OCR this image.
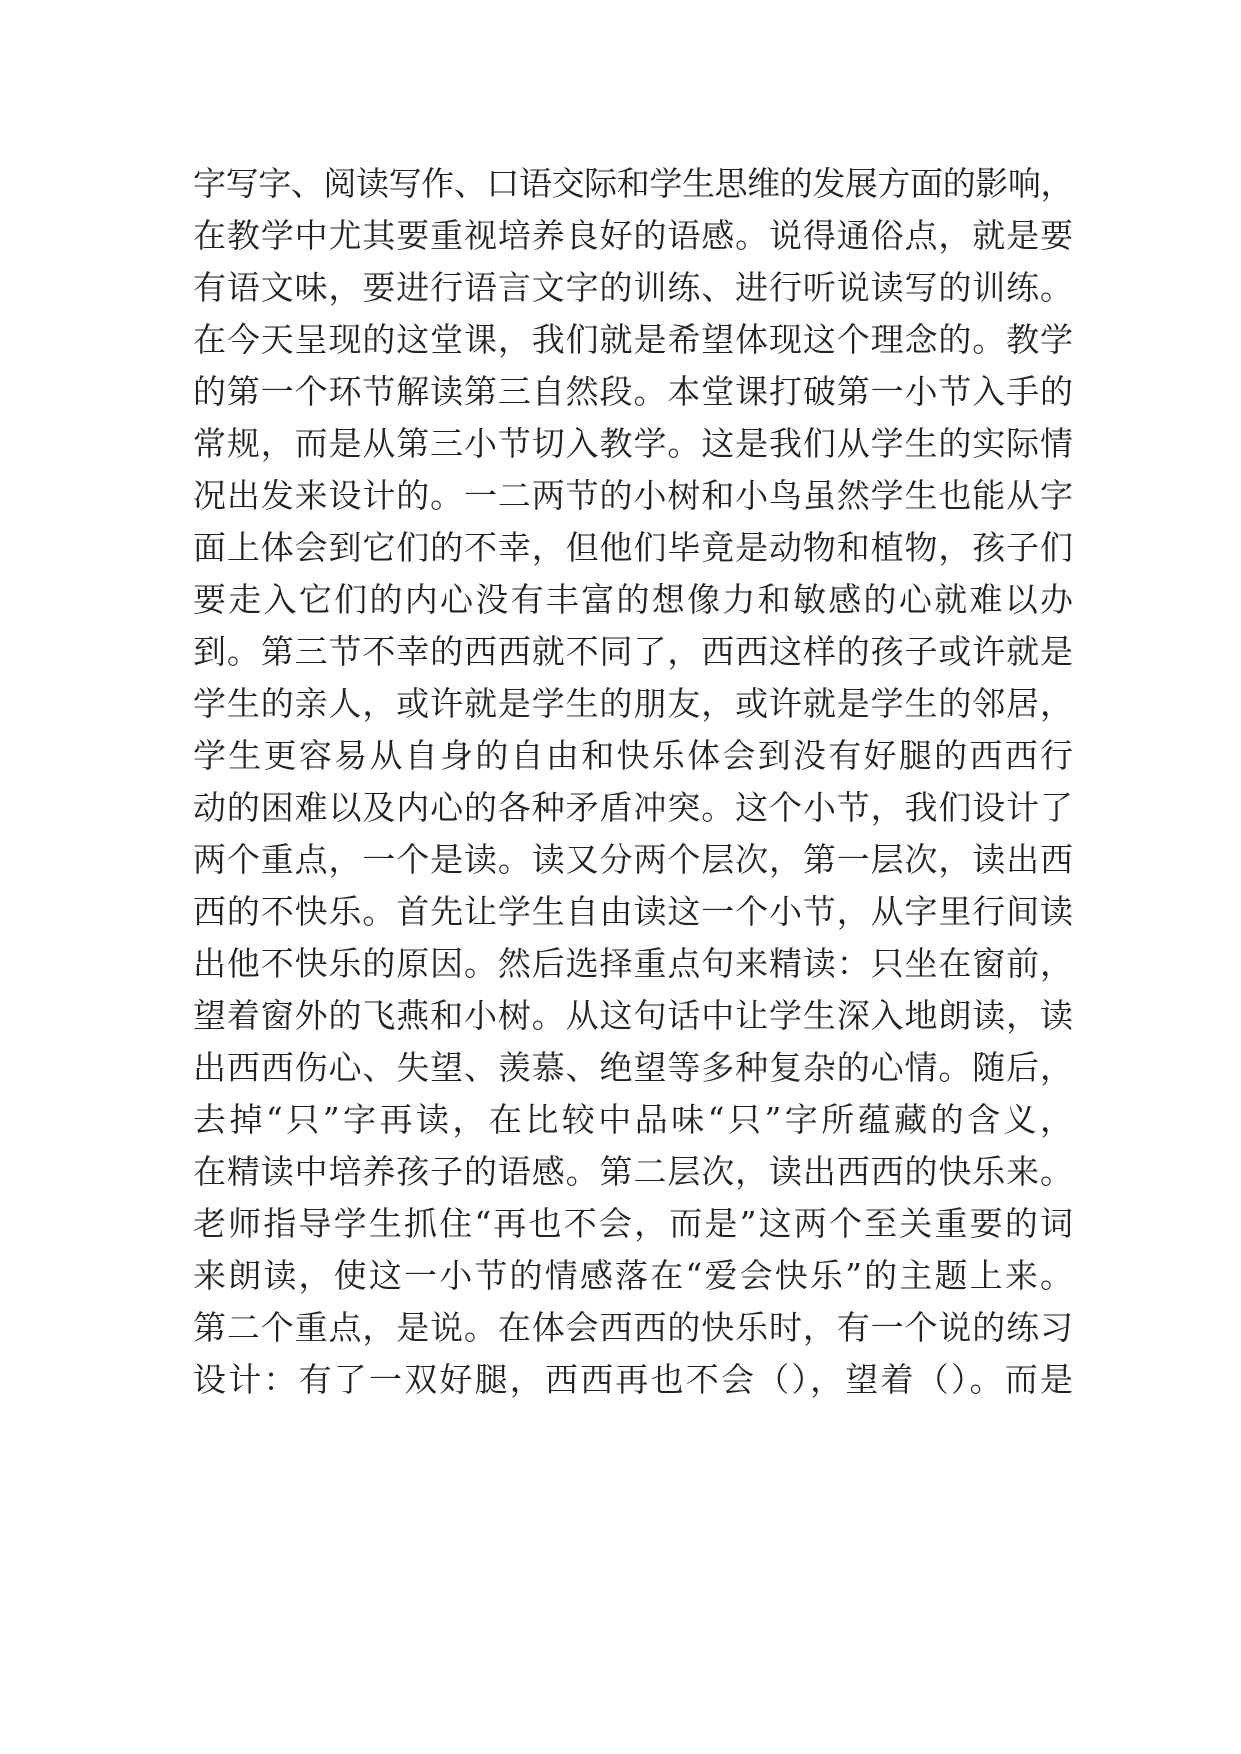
字写字、阅读写作、口语交际和学生思维的发展方面的影响，
在教学中尤其要重视培养良好的语感。说得通俗点，就是要
有语文味，要进行语言文字的训练、进行听说读写的训练。
在今天呈现的这堂课，我们就是希望体现这个理念的。教学
的第一个环节解读第三自然段。本堂课打破第一小节入手的
常规，而是从第三小节切入教学。这是我们从学生的实际情
况出发来设计的。一二两节的小树和小鸟虽然学生也能从字
面上体会到它们的不幸，但他们毕竟是动物和植物，孩子们
要走入它们的内心没有丰富的想像力和敏感的心就难以办
到。第三节不幸的西西就不同了，西西这样的孩子或许就是
学生的亲人，或许就是学生的朋友，或许就是学生的邻居，
学生更容易从自身的自由和快乐体会到没有好腿的西西行
动的困难以及内心的各种矛盾冲突。这个小节，我们设计了
两个重点，一个是读。读又分两个层次，第一层次，读出西
西的不快乐。首先让学生自由读这一个小节，从字里行间读
出他不快乐的原因。然后选择重点句来精读：只坐在窗前，
望着窗外的飞燕和小树。从这句话中让学生深入地朗读，读
出西西伤心、失望、羡慕、绝望等多种复杂的心情。随后，
去掉“只”字再读，在比较中品味“只”字所蕴藏的含义，
在精读中培养孩子的语感。第二层次，读出西西的快乐来。
老师指导学生抓住“再也不会，而是”这两个至关重要的词
来朗读，使这一小节的情感落在“爱会快乐”的主题上来。
第二个重点，是说。在体会西西的快乐时，有一个说的练习
设计：有了一双好腿，西西再也不会（），望着（）。而是
